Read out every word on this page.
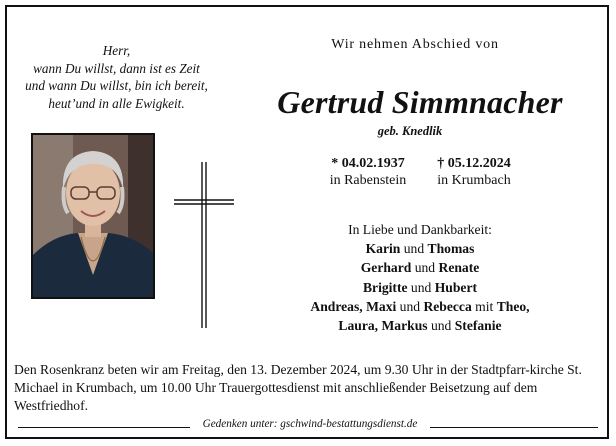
Herr,
wann Du willst, dann ist es Zeit
und wann Du willst, bin ich bereit,
heut’und in alle Ewigkeit.
Wir nehmen Abschied von
Gertrud Simmnacher
geb. Knedlik
* 04.02.1937
in Rabenstein
† 05.12.2024
in Krumbach
In Liebe und Dankbarkeit:
Karin und Thomas
Gerhard und Renate
Brigitte und Hubert
Andreas, Maxi und Rebecca mit Theo,
Laura, Markus und Stefanie
Den Rosenkranz beten wir am Freitag, den 13. Dezember 2024, um 9.30 Uhr in der Stadtpfarr-kirche St. Michael in Krumbach, um 10.00 Uhr Trauergottesdienst mit anschließender Beisetzung auf dem Westfriedhof.
Gedenken unter: gschwind-bestattungsdienst.de
